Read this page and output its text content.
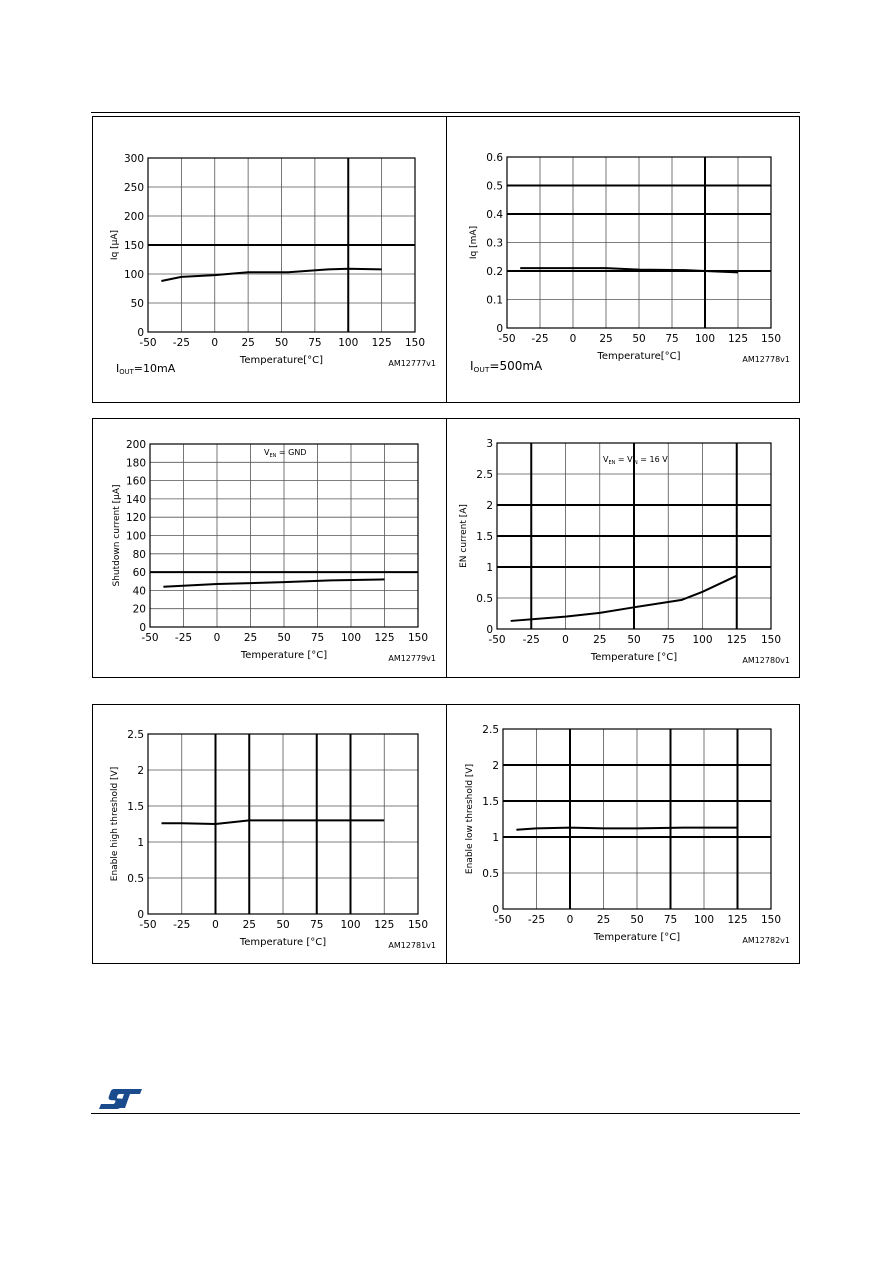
-50 -25 0 25 50 75 100 125 150
0
50
100
150
200
250
300
Temperature[°C]
Iq [µA]
IOUT=10mA	AM12777v1
-50 -25 0 25 50 75 100 125 150
0
0.1
0.2
0.3
0.4
0.5
0.6
Temperature[°C]
Iq [mA]
IOUT=500mA	AM12778v1
-50 -25 0 25 50 75 100 125 150
0
20
40
60
80
100
120
140
160
180
200
Temperature [°C]
Shutdown current [µA]
$V_{EN}$ = GND
AM12779v1
-50 -25 0 25 50 75 100 125 150
0
0.5
1
1.5
2
2.5
3
Temperature [°C]
EN current [A]
$V_{EN} = V_{IN} = 16$ V
AM12780v1
-50 -25 0 25 50 75 100 125 150
0
0.5
1
1.5
2
2.5
Temperature [°C]
Enable high threshold [V]
AM12781v1
-50 -25 0 25 50 75 100 125 150
0
0.5
1
1.5
2
2.5
Temperature [°C]
Enable low threshold [V]
AM12782v1
